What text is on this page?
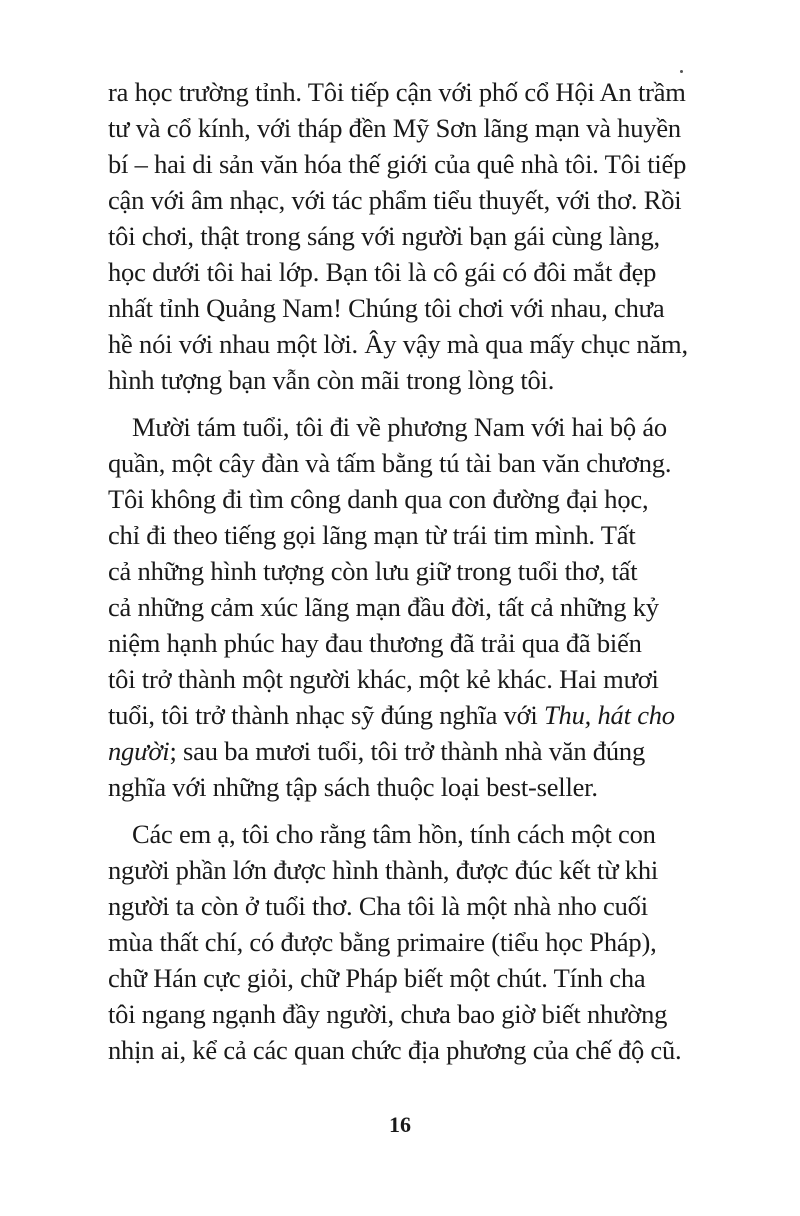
ra học trường tỉnh. Tôi tiếp cận với phố cổ Hội An trầm
tư và cổ kính, với tháp đền Mỹ Sơn lãng mạn và huyền
bí – hai di sản văn hóa thế giới của quê nhà tôi. Tôi tiếp
cận với âm nhạc, với tác phẩm tiểu thuyết, với thơ. Rồi
tôi chơi, thật trong sáng với người bạn gái cùng làng,
học dưới tôi hai lớp. Bạn tôi là cô gái có đôi mắt đẹp
nhất tỉnh Quảng Nam! Chúng tôi chơi với nhau, chưa
hề nói với nhau một lời. Ây vậy mà qua mấy chục năm,
hình tượng bạn vẫn còn mãi trong lòng tôi.
Mười tám tuổi, tôi đi về phương Nam với hai bộ áo
quần, một cây đàn và tấm bằng tú tài ban văn chương.
Tôi không đi tìm công danh qua con đường đại học,
chỉ đi theo tiếng gọi lãng mạn từ trái tim mình. Tất
cả những hình tượng còn lưu giữ trong tuổi thơ, tất
cả những cảm xúc lãng mạn đầu đời, tất cả những kỷ
niệm hạnh phúc hay đau thương đã trải qua đã biến
tôi trở thành một người khác, một kẻ khác. Hai mươi
tuổi, tôi trở thành nhạc sỹ đúng nghĩa với Thu, hát cho
người; sau ba mươi tuổi, tôi trở thành nhà văn đúng
nghĩa với những tập sách thuộc loại best-seller.
Các em ạ, tôi cho rằng tâm hồn, tính cách một con
người phần lớn được hình thành, được đúc kết từ khi
người ta còn ở tuổi thơ. Cha tôi là một nhà nho cuối
mùa thất chí, có được bằng primaire (tiểu học Pháp),
chữ Hán cực giỏi, chữ Pháp biết một chút. Tính cha
tôi ngang ngạnh đầy người, chưa bao giờ biết nhường
nhịn ai, kể cả các quan chức địa phương của chế độ cũ.
16
